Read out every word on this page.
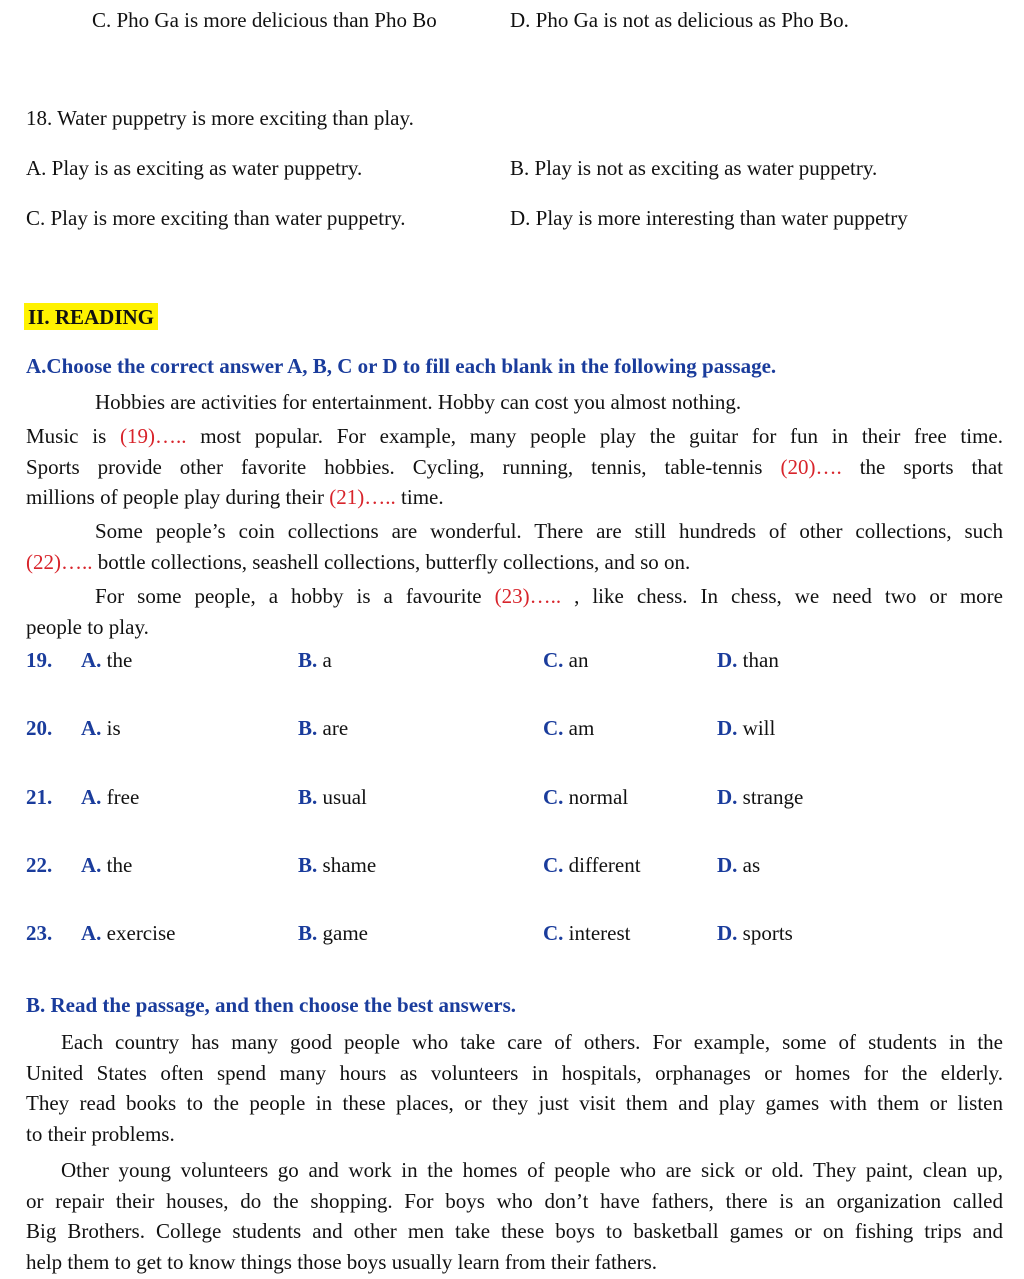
C. Pho Ga is more delicious than Pho Bo	D. Pho Ga is not as delicious as Pho Bo.
18. Water puppetry is more exciting than play.
A. Play is as exciting as water puppetry.	B. Play is not as exciting as water puppetry.
C. Play is more exciting than water puppetry.	D. Play is more interesting than water puppetry
II. READING
A.Choose the correct answer A, B, C or D to fill each blank in the following passage.
Hobbies are activities for entertainment. Hobby can cost you almost nothing.
Music is (19)….. most popular. For example, many people play the guitar for fun in their free time.
Sports provide other favorite hobbies. Cycling, running, tennis, table-tennis (20)…. the sports that
millions of people play during their (21)….. time.
Some people’s coin collections are wonderful. There are still hundreds of other collections, such
(22)….. bottle collections, seashell collections, butterfly collections, and so on.
For some people, a hobby is a favourite (23)….. , like chess. In chess, we need two or more
people to play.
19. A. the	B. a	C. an	D. than
20. A. is	B. are	C. am	D. will
21. A. free	B. usual	C. normal	D. strange
22. A. the	B. shame	C. different	D. as
23. A. exercise	B. game	C. interest	D. sports
B. Read the passage, and then choose the best answers.
Each country has many good people who take care of others. For example, some of students in the
United States often spend many hours as volunteers in hospitals, orphanages or homes for the elderly.
They read books to the people in these places, or they just visit them and play games with them or listen
to their problems.
Other young volunteers go and work in the homes of people who are sick or old. They paint, clean up,
or repair their houses, do the shopping. For boys who don’t have fathers, there is an organization called
Big Brothers. College students and other men take these boys to basketball games or on fishing trips and
help them to get to know things those boys usually learn from their fathers.
